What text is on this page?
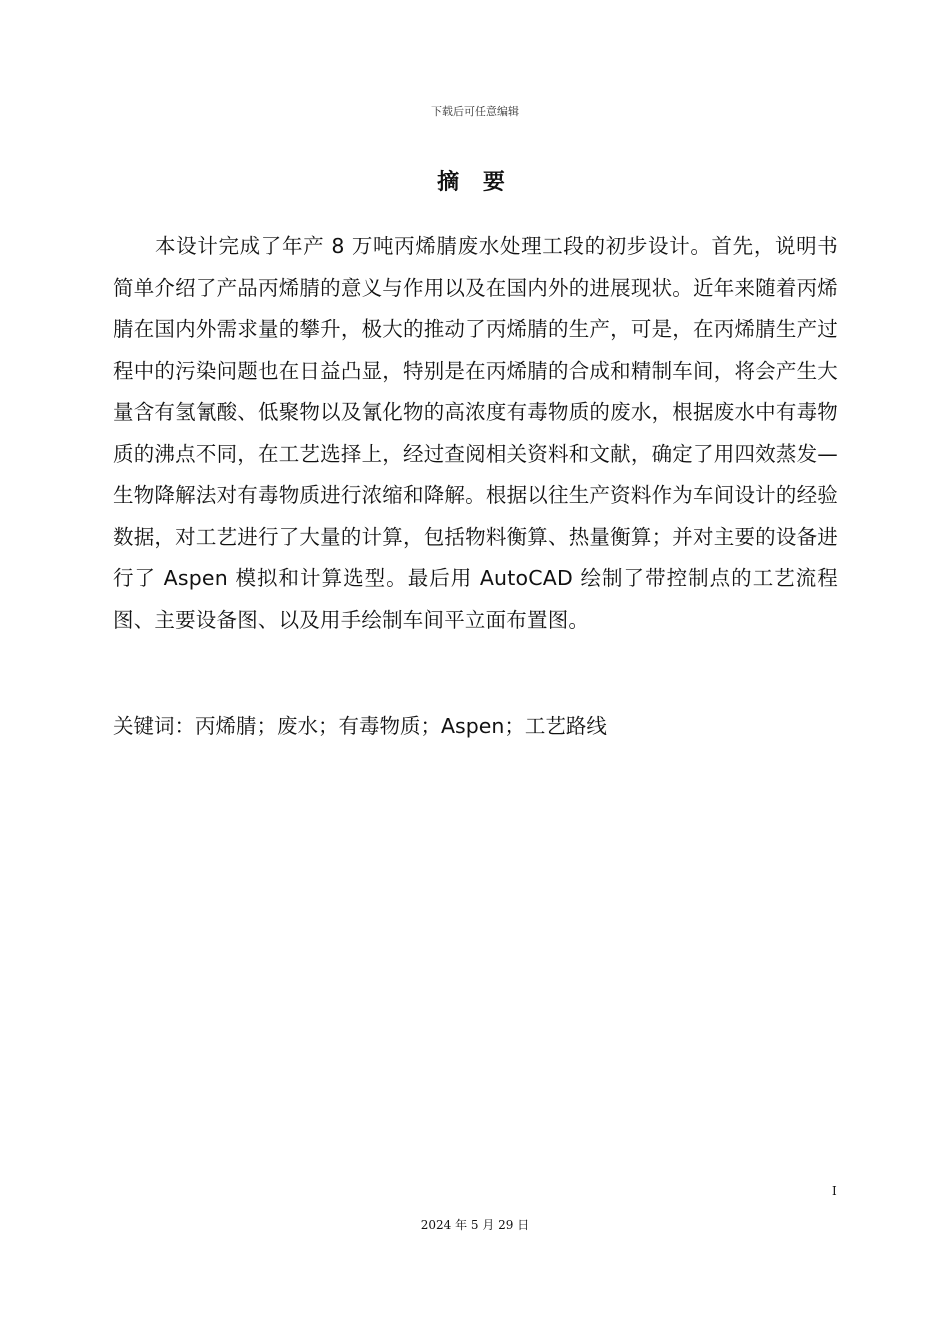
下载后可任意编辑
摘 要

本设计完成了年产 8 万吨丙烯腈废水处理工段的初步设计。首先，说明书简单介绍了产品丙烯腈的意义与作用以及在国内外的进展现状。近年来随着丙烯腈在国内外需求量的攀升，极大的推动了丙烯腈的生产，可是，在丙烯腈生产过程中的污染问题也在日益凸显，特别是在丙烯腈的合成和精制车间，将会产生大量含有氢氰酸、低聚物以及氰化物的高浓度有毒物质的废水，根据废水中有毒物质的沸点不同，在工艺选择上，经过查阅相关资料和文献，确定了用四效蒸发—生物降解法对有毒物质进行浓缩和降解。根据以往生产资料作为车间设计的经验数据，对工艺进行了大量的计算，包括物料衡算、热量衡算；并对主要的设备进行了 Aspen 模拟和计算选型。最后用 AutoCAD 绘制了带控制点的工艺流程图、主要设备图、以及用手绘制车间平立面布置图。

关键词：丙烯腈；废水；有毒物质；Aspen；工艺路线

I
2024 年 5 月 29 日
